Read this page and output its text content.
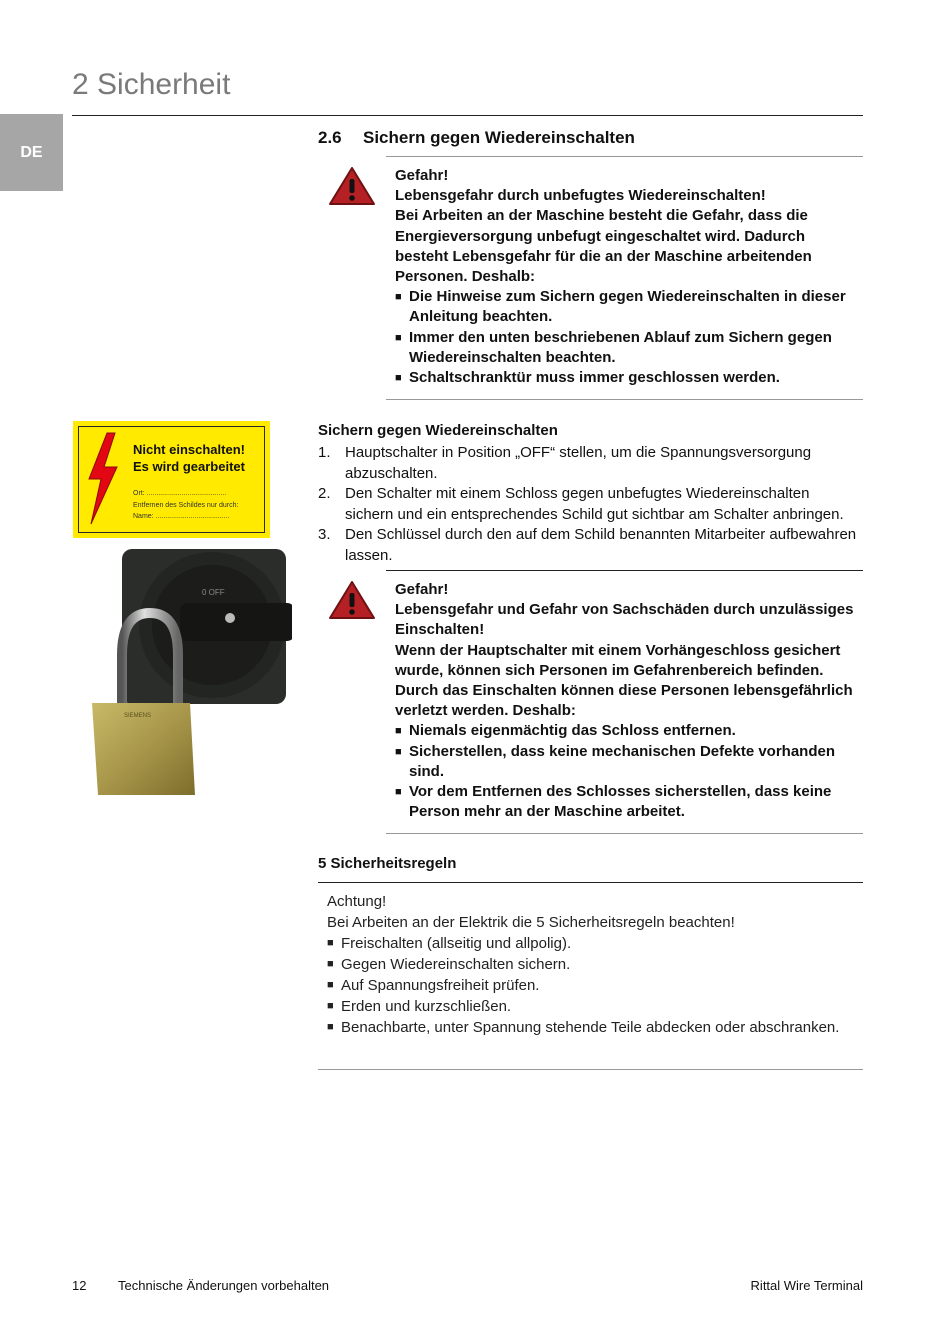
2 Sicherheit
DE
2.6 Sichern gegen Wiedereinschalten

Gefahr!

Lebensgefahr durch unbefugtes Wiedereinschalten!

Bei Arbeiten an der Maschine besteht die Gefahr, dass die Energieversorgung unbefugt eingeschaltet wird. Dadurch besteht Lebensgefahr für die an der Maschine arbeitenden Personen. Deshalb:

■ Die Hinweise zum Sichern gegen Wiedereinschalten in dieser Anleitung beachten.
■ Immer den unten beschriebenen Ablauf zum Sichern gegen Wiedereinschalten beachten.
■ Schaltschranktür muss immer geschlossen werden.
Nicht einschalten!
Es wird gearbeitet
Ort: .........................................
Entfernen des Schildes nur durch:
Name: ......................................
0 OFF
SIEMENS
Sichern gegen Wiedereinschalten
1. Hauptschalter in Position „OFF“ stellen, um die Spannungsversorgung abzuschalten.
2. Den Schalter mit einem Schloss gegen unbefugtes Wiedereinschalten sichern und ein entsprechendes Schild gut sichtbar am Schalter anbringen.
3. Den Schlüssel durch den auf dem Schild benannten Mitarbeiter aufbewahren lassen.

Gefahr!

Lebensgefahr und Gefahr von Sachschäden durch unzulässiges Einschalten!

Wenn der Hauptschalter mit einem Vorhängeschloss gesichert wurde, können sich Personen im Gefahrenbereich befinden. Durch das Einschalten können diese Personen lebensgefährlich verletzt werden. Deshalb:

■ Niemals eigenmächtig das Schloss entfernen.
■ Sicherstellen, dass keine mechanischen Defekte vorhanden sind.
■ Vor dem Entfernen des Schlosses sicherstellen, dass keine Person mehr an der Maschine arbeitet.
5 Sicherheitsregeln

Achtung!

Bei Arbeiten an der Elektrik die 5 Sicherheitsregeln beachten!

■ Freischalten (allseitig und allpolig).
■ Gegen Wiedereinschalten sichern.
■ Auf Spannungsfreiheit prüfen.
■ Erden und kurzschließen.
■ Benachbarte, unter Spannung stehende Teile abdecken oder abschranken.
12 Technische Änderungen vorbehalten	Rittal Wire Terminal
